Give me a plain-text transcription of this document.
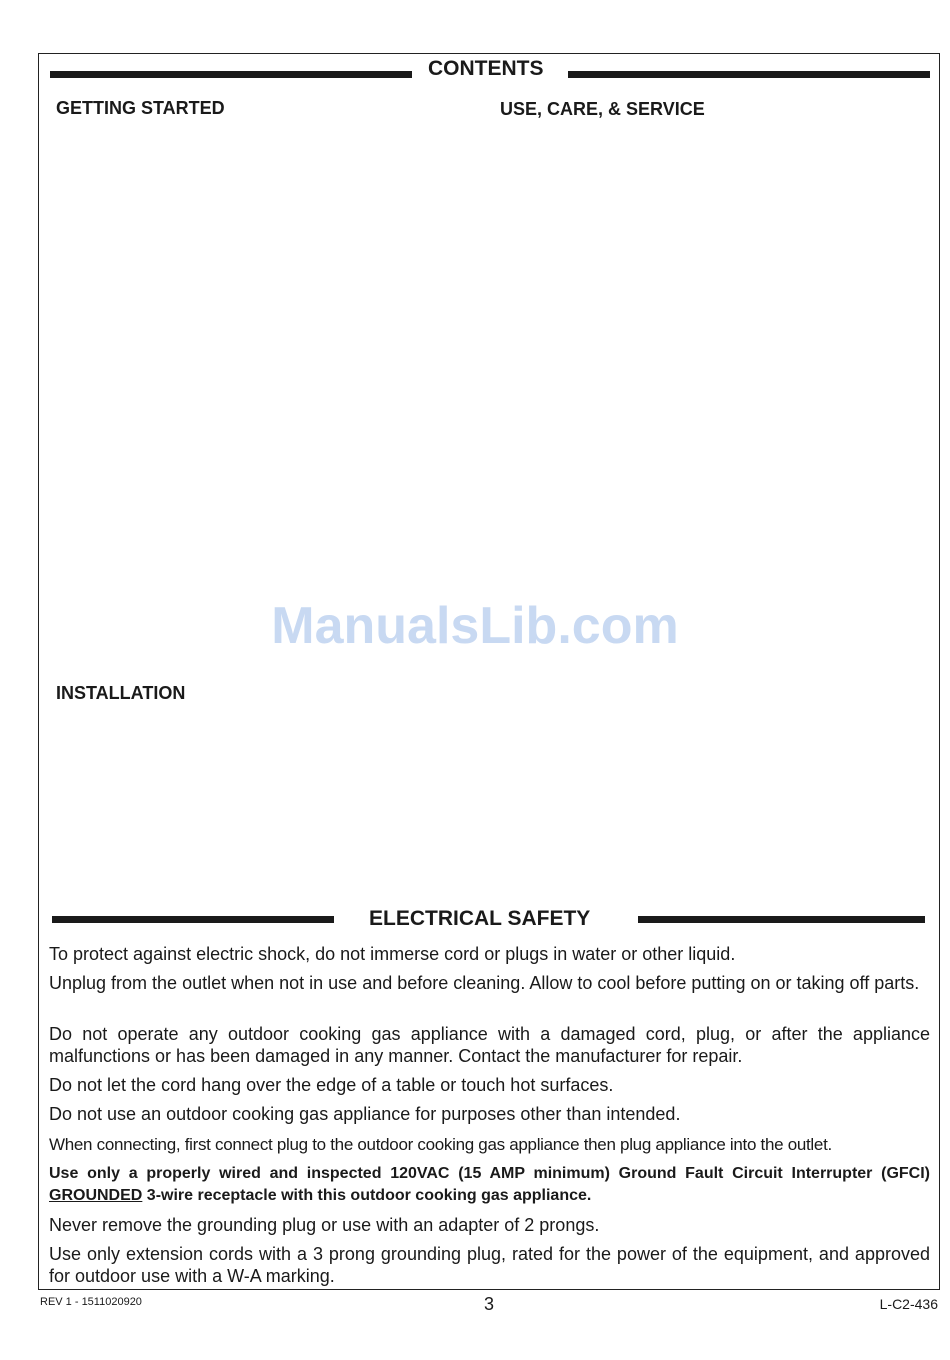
CONTENTS
GETTING STARTED	USE, CARE, & SERVICE
ManualsLib.com
INSTALLATION
ELECTRICAL SAFETY
To protect against electric shock, do not immerse cord or plugs in water or other liquid.
Unplug from the outlet when not in use and before cleaning. Allow to cool before putting on or taking off parts.
Do not operate any outdoor cooking gas appliance with a damaged cord, plug, or after the appliance malfunctions or has been damaged in any manner. Contact the manufacturer for repair.
Do not let the cord hang over the edge of a table or touch hot surfaces.
Do not use an outdoor cooking gas appliance for purposes other than intended.
When connecting, first connect plug to the outdoor cooking gas appliance then plug appliance into the outlet.
Use only a properly wired and inspected 120VAC (15 AMP minimum) Ground Fault Circuit Interrupter (GFCI) GROUNDED 3-wire receptacle with this outdoor cooking gas appliance.
Never remove the grounding plug or use with an adapter of 2 prongs.
Use only extension cords with a 3 prong grounding plug, rated for the power of the equipment, and approved for outdoor use with a W-A marking.
REV 1 - 1511020920	3	L-C2-436
